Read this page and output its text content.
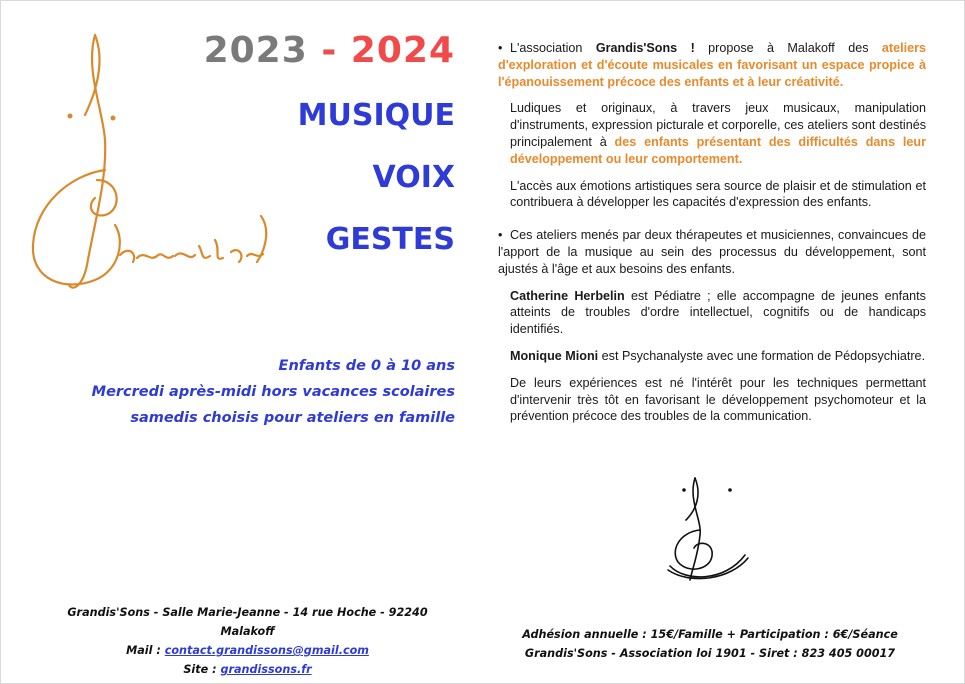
2023 - 2024
MUSIQUE
VOIX
GESTES
Enfants de 0 à 10 ans
Mercredi après-midi hors vacances scolaires
samedis choisis pour ateliers en famille

• L'association Grandis'Sons ! propose à Malakoff des ateliers d'exploration et d'écoute musicales en favorisant un espace propice à l'épanouissement précoce des enfants et à leur créativité.

Ludiques et originaux, à travers jeux musicaux, manipulation d'instruments, expression picturale et corporelle, ces ateliers sont destinés principalement à des enfants présentant des difficultés dans leur développement ou leur comportement.

L'accès aux émotions artistiques sera source de plaisir et de stimulation et contribuera à développer les capacités d'expression des enfants.

• Ces ateliers menés par deux thérapeutes et musiciennes, convaincues de l'apport de la musique au sein des processus du développement, sont ajustés à l'âge et aux besoins des enfants.

Catherine Herbelin est Pédiatre ; elle accompagne de jeunes enfants atteints de troubles d'ordre intellectuel, cognitifs ou de handicaps identifiés.

Monique Mioni est Psychanalyste avec une formation de Pédopsychiatre.

De leurs expériences est né l'intérêt pour les techniques permettant d'intervenir très tôt en favorisant le développement psychomoteur et la prévention précoce des troubles de la communication.

Grandis'Sons - Salle Marie-Jeanne - 14 rue Hoche - 92240 Malakoff
Mail : contact.grandissons@gmail.com
Site : grandissons.fr
Adhésion annuelle : 15€/Famille + Participation : 6€/Séance
Grandis'Sons - Association loi 1901 - Siret : 823 405 00017
